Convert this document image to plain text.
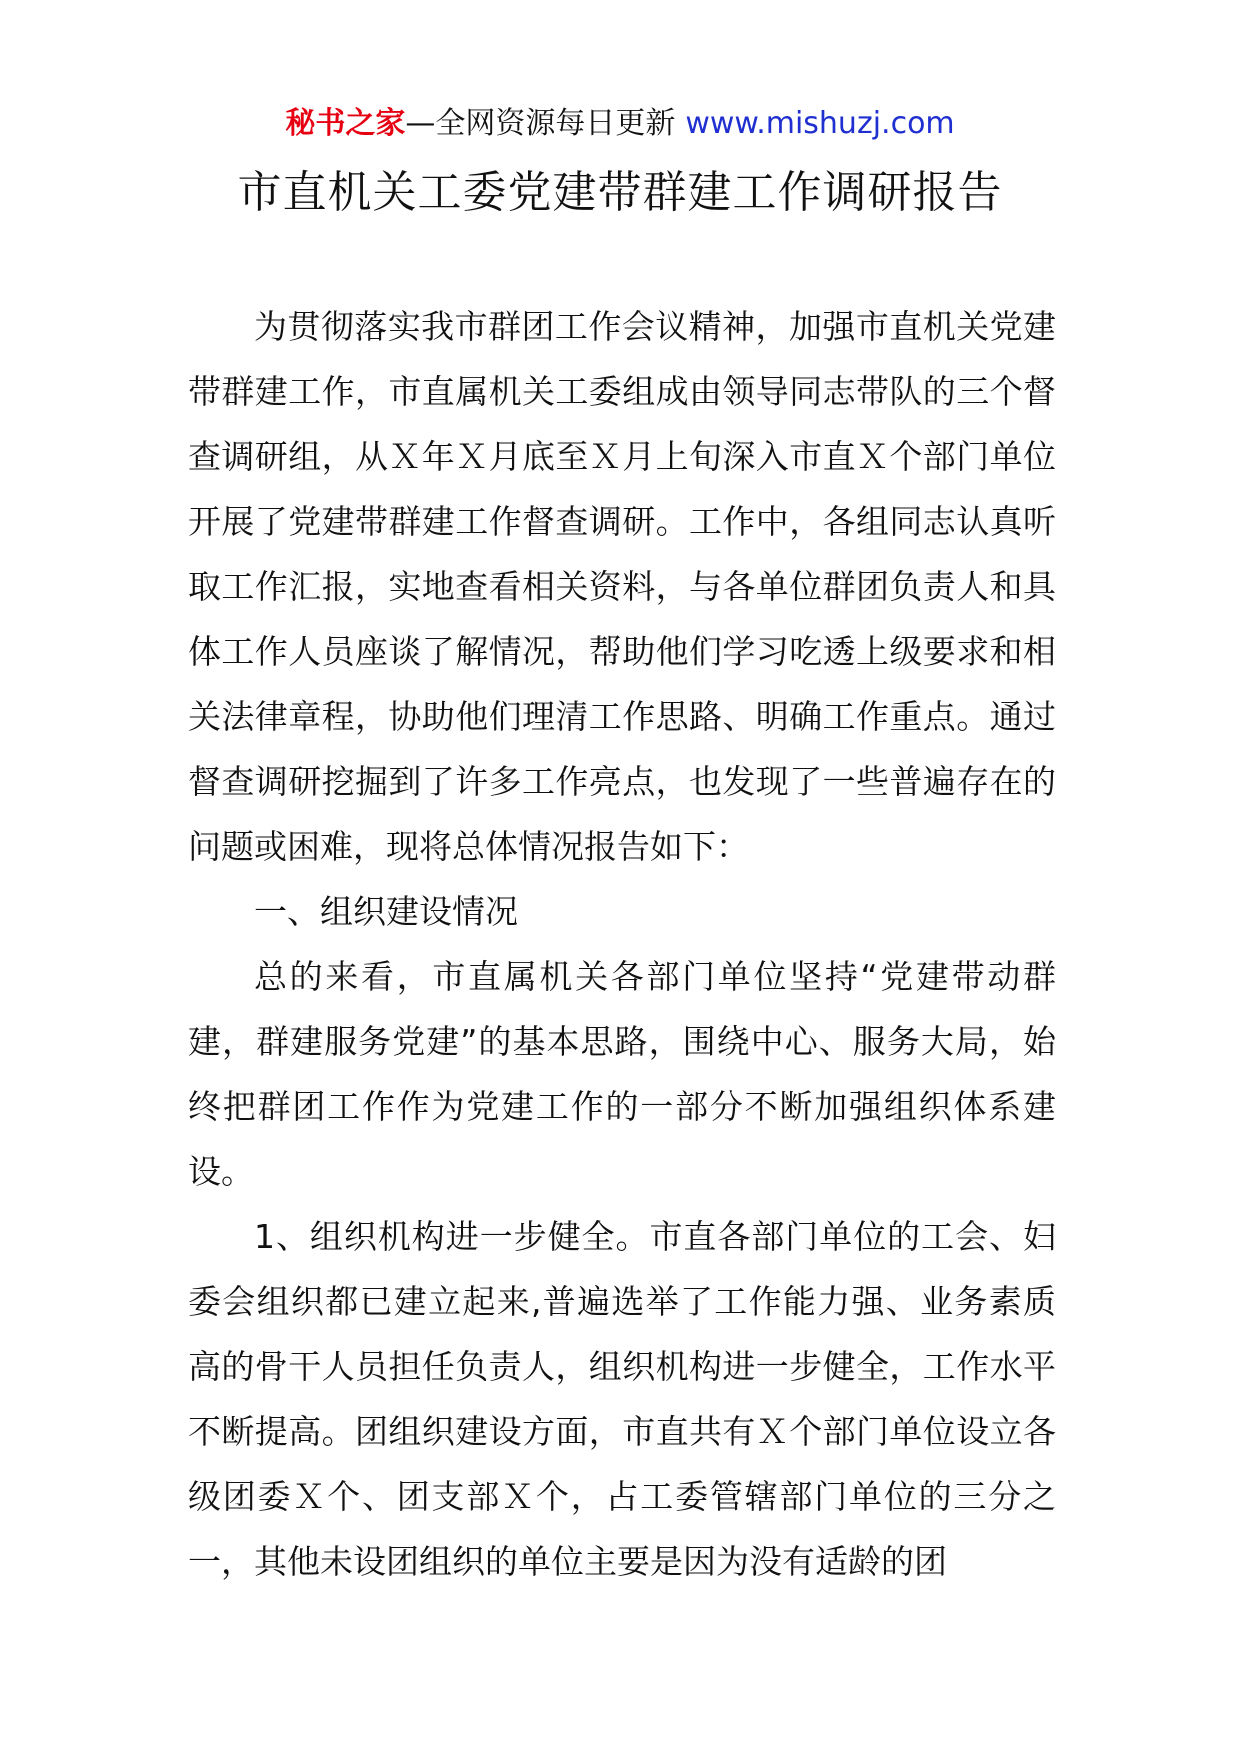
秘书之家—全网资源每日更新 www.mishuzj.com
市直机关工委党建带群建工作调研报告

为贯彻落实我市群团工作会议精神，加强市直机关党建带群建工作，市直属机关工委组成由领导同志带队的三个督查调研组，从Ｘ年Ｘ月底至Ｘ月上旬深入市直Ｘ个部门单位开展了党建带群建工作督查调研。工作中，各组同志认真听取工作汇报，实地查看相关资料，与各单位群团负责人和具体工作人员座谈了解情况，帮助他们学习吃透上级要求和相关法律章程，协助他们理清工作思路、明确工作重点。通过督查调研挖掘到了许多工作亮点，也发现了一些普遍存在的问题或困难，现将总体情况报告如下：

一、组织建设情况

总的来看，市直属机关各部门单位坚持“党建带动群建，群建服务党建”的基本思路，围绕中心、服务大局，始终把群团工作作为党建工作的一部分不断加强组织体系建设。

1、组织机构进一步健全。市直各部门单位的工会、妇委会组织都已建立起来,普遍选举了工作能力强、业务素质高的骨干人员担任负责人，组织机构进一步健全，工作水平不断提高。团组织建设方面，市直共有Ｘ个部门单位设立各级团委Ｘ个、团支部Ｘ个，占工委管辖部门单位的三分之一，其他未设团组织的单位主要是因为没有适龄的团
